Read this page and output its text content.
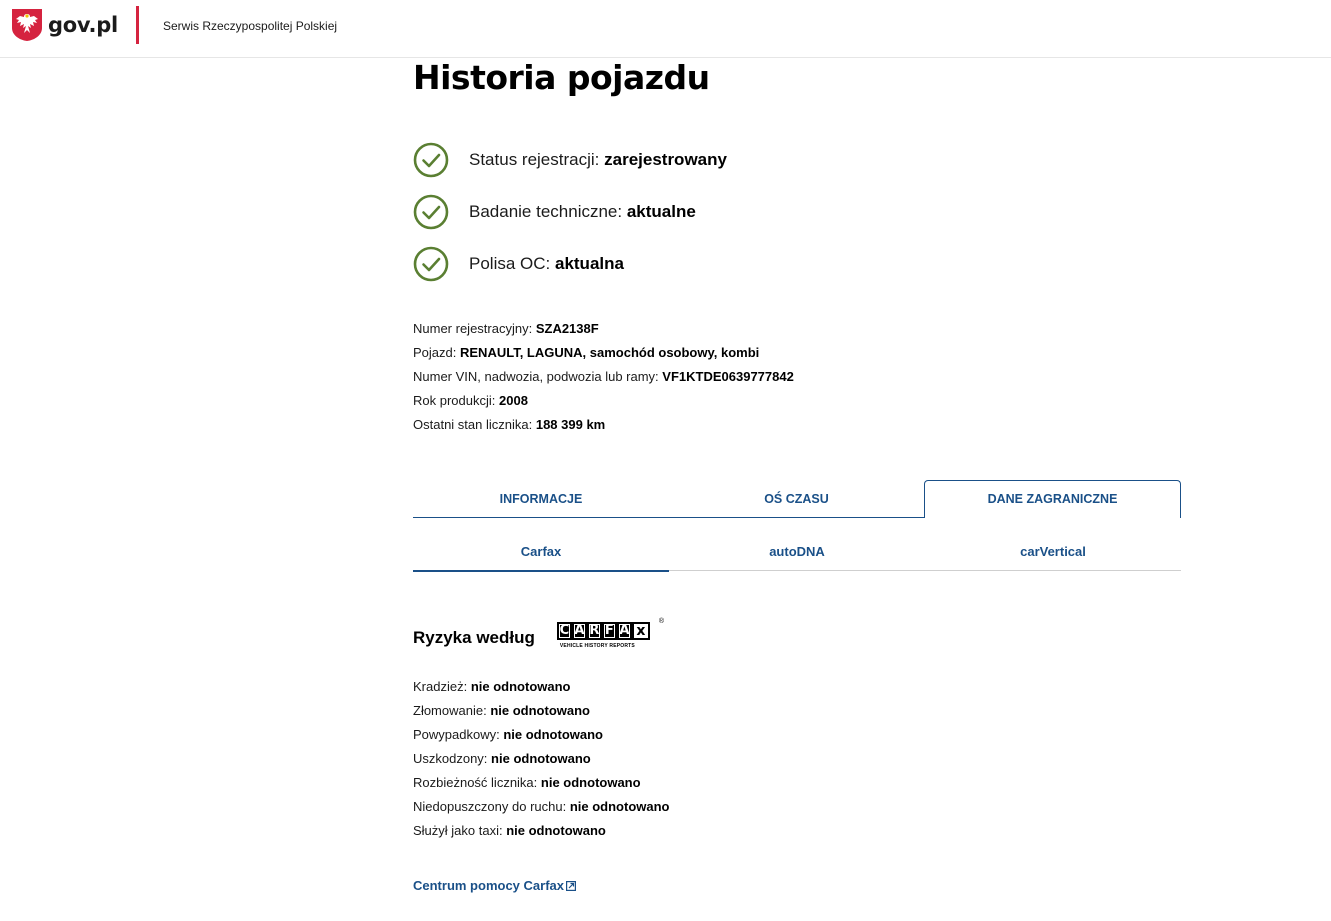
gov.pl	Serwis Rzeczypospolitej Polskiej
Historia pojazdu
Status rejestracji: zarejestrowany
Badanie techniczne: aktualne
Polisa OC: aktualna
Numer rejestracyjny: SZA2138F
Pojazd: RENAULT, LAGUNA, samochód osobowy, kombi
Numer VIN, nadwozia, podwozia lub ramy: VF1KTDE0639777842
Rok produkcji: 2008
Ostatni stan licznika: 188 399 km
INFORMACJE	OŚ CZASU	DANE ZAGRANICZNE
Carfax	autoDNA	carVertical
Ryzyka według C A R F A x
VEHICLE HISTORY REPORTS
®
Kradzież: nie odnotowano
Złomowanie: nie odnotowano
Powypadkowy: nie odnotowano
Uszkodzony: nie odnotowano
Rozbieżność licznika: nie odnotowano
Niedopuszczony do ruchu: nie odnotowano
Służył jako taxi: nie odnotowano
Centrum pomocy Carfax
